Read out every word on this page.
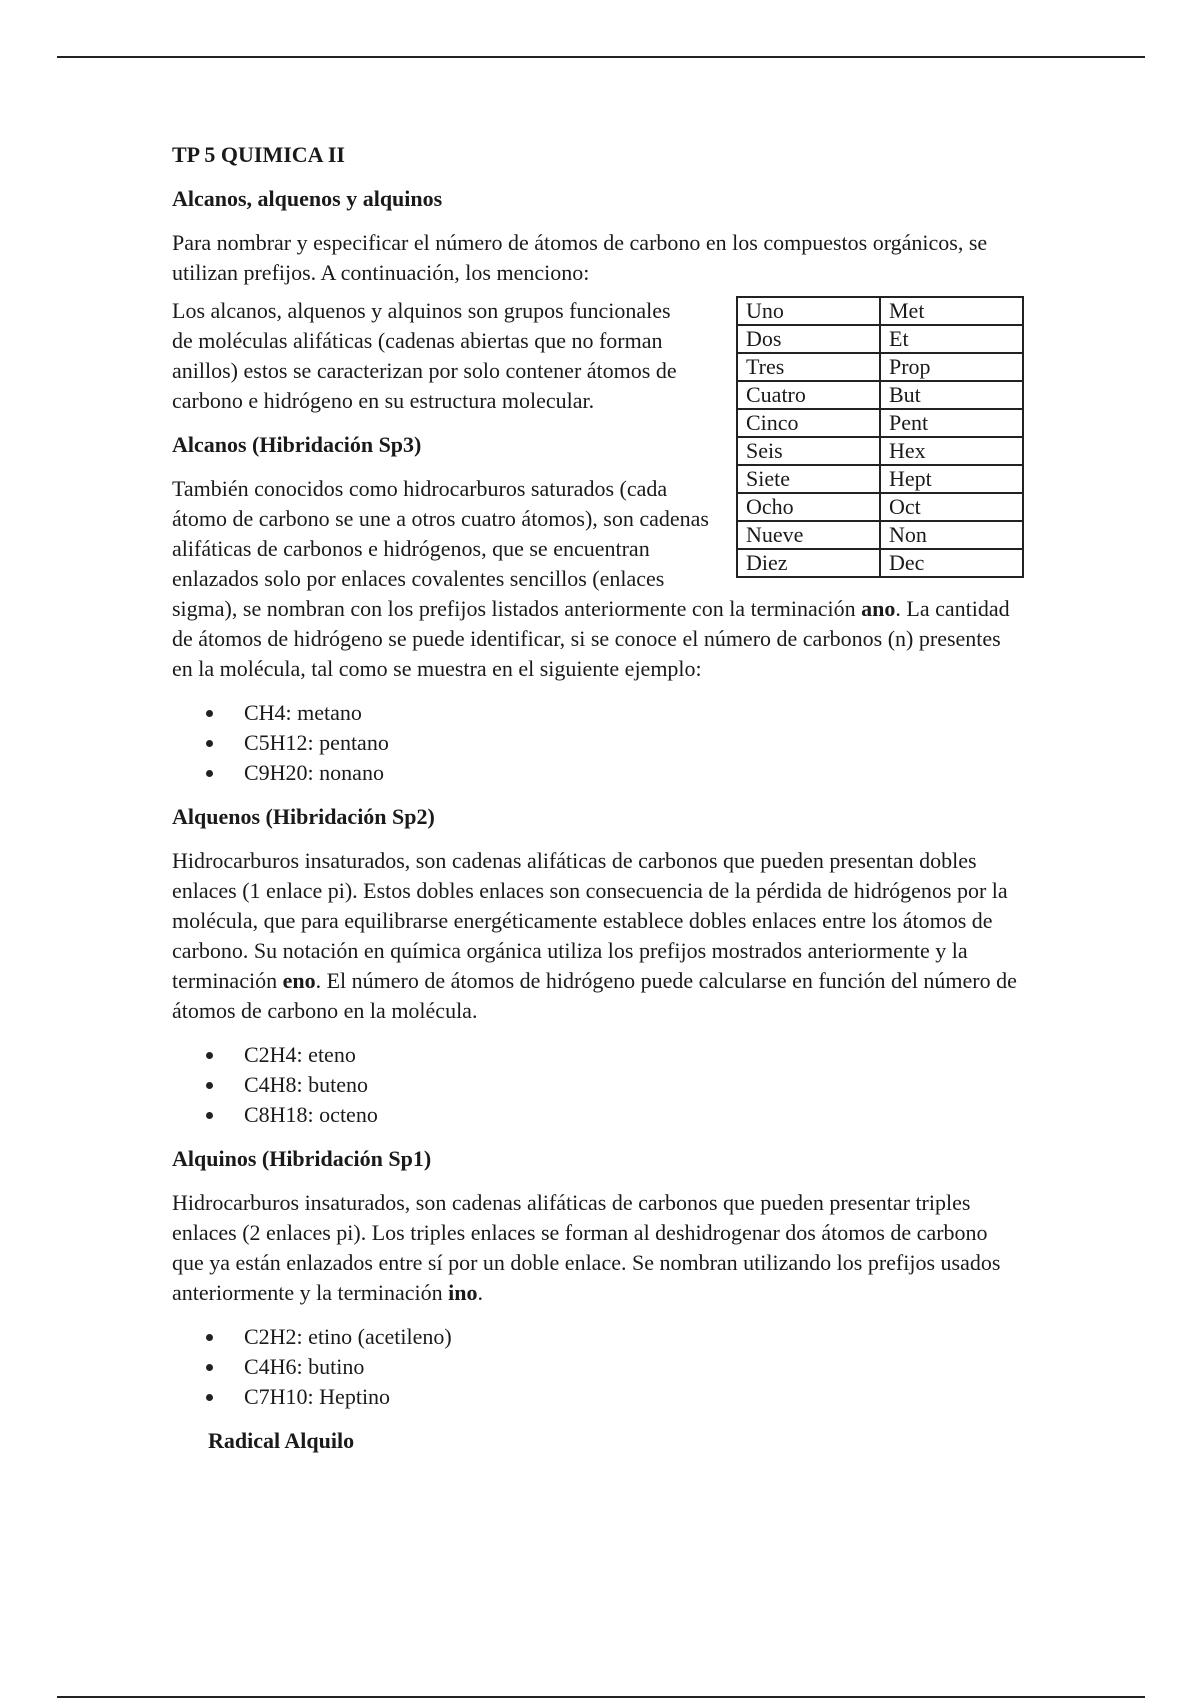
TP 5 QUIMICA II
Alcanos, alquenos y alquinos

Para nombrar y especificar el número de átomos de carbono en los compuestos orgánicos, se utilizan prefijos. A continuación, los menciono:

Uno	Met
Dos	Et
Tres	Prop
Cuatro	But
Cinco	Pent
Seis	Hex
Siete	Hept
Ocho	Oct
Nueve	Non
Diez	Dec

Los alcanos, alquenos y alquinos son grupos funcionales de moléculas alifáticas (cadenas abiertas que no forman anillos) estos se caracterizan por solo contener átomos de carbono e hidrógeno en su estructura molecular.

Alcanos (Hibridación Sp3)

También conocidos como hidrocarburos saturados (cada átomo de carbono se une a otros cuatro átomos), son cadenas alifáticas de carbonos e hidrógenos, que se encuentran enlazados solo por enlaces covalentes sencillos (enlaces sigma), se nombran con los prefijos listados anteriormente con la terminación ano. La cantidad de átomos de hidrógeno se puede identificar, si se conoce el número de carbonos (n) presentes en la molécula, tal como se muestra en el siguiente ejemplo:

CH4: metano
C5H12: pentano
C9H20: nonano
Alquenos (Hibridación Sp2)

Hidrocarburos insaturados, son cadenas alifáticas de carbonos que pueden presentan dobles enlaces (1 enlace pi). Estos dobles enlaces son consecuencia de la pérdida de hidrógenos por la molécula, que para equilibrarse energéticamente establece dobles enlaces entre los átomos de carbono. Su notación en química orgánica utiliza los prefijos mostrados anteriormente y la terminación eno. El número de átomos de hidrógeno puede calcularse en función del número de átomos de carbono en la molécula.

C2H4: eteno
C4H8: buteno
C8H18: octeno
Alquinos (Hibridación Sp1)

Hidrocarburos insaturados, son cadenas alifáticas de carbonos que pueden presentar triples enlaces (2 enlaces pi). Los triples enlaces se forman al deshidrogenar dos átomos de carbono que ya están enlazados entre sí por un doble enlace. Se nombran utilizando los prefijos usados anteriormente y la terminación ino.

C2H2: etino (acetileno)
C4H6: butino
C7H10: Heptino
Radical Alquilo
